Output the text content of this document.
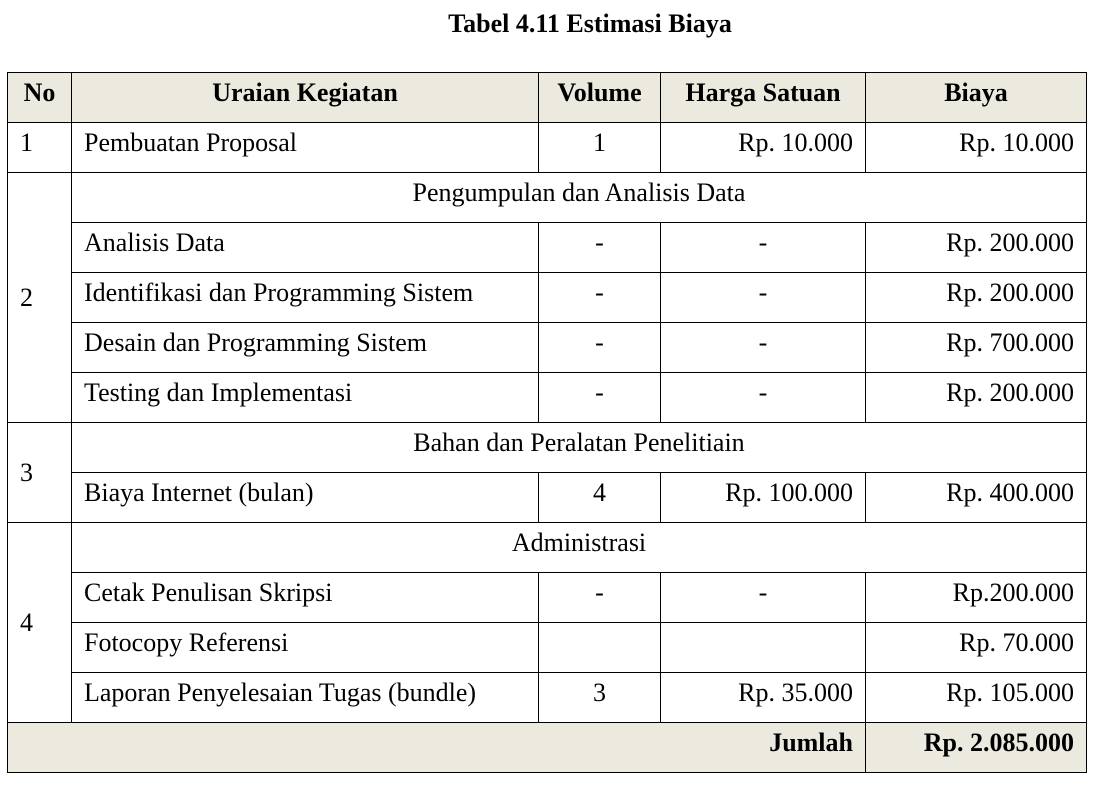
Tabel 4.11 Estimasi Biaya
No	Uraian Kegiatan	Volume	Harga Satuan	Biaya
1	Pembuatan Proposal	1	Rp. 10.000	Rp. 10.000
2	Pengumpulan dan Analisis Data			
	Analisis Data	-	-	Rp. 200.000
	Identifikasi dan Programming Sistem	-	-	Rp. 200.000
	Desain dan Programming Sistem	-	-	Rp. 700.000
	Testing dan Implementasi	-	-	Rp. 200.000
3	Bahan dan Peralatan Penelitiain			
	Biaya Internet (bulan)	4	Rp. 100.000	Rp. 400.000
4	Administrasi			
	Cetak Penulisan Skripsi	-	-	Rp.200.000
	Fotocopy Referensi			Rp. 70.000
	Laporan Penyelesaian Tugas (bundle)	3	Rp. 35.000	Rp. 105.000
Jumlah				Rp. 2.085.000
